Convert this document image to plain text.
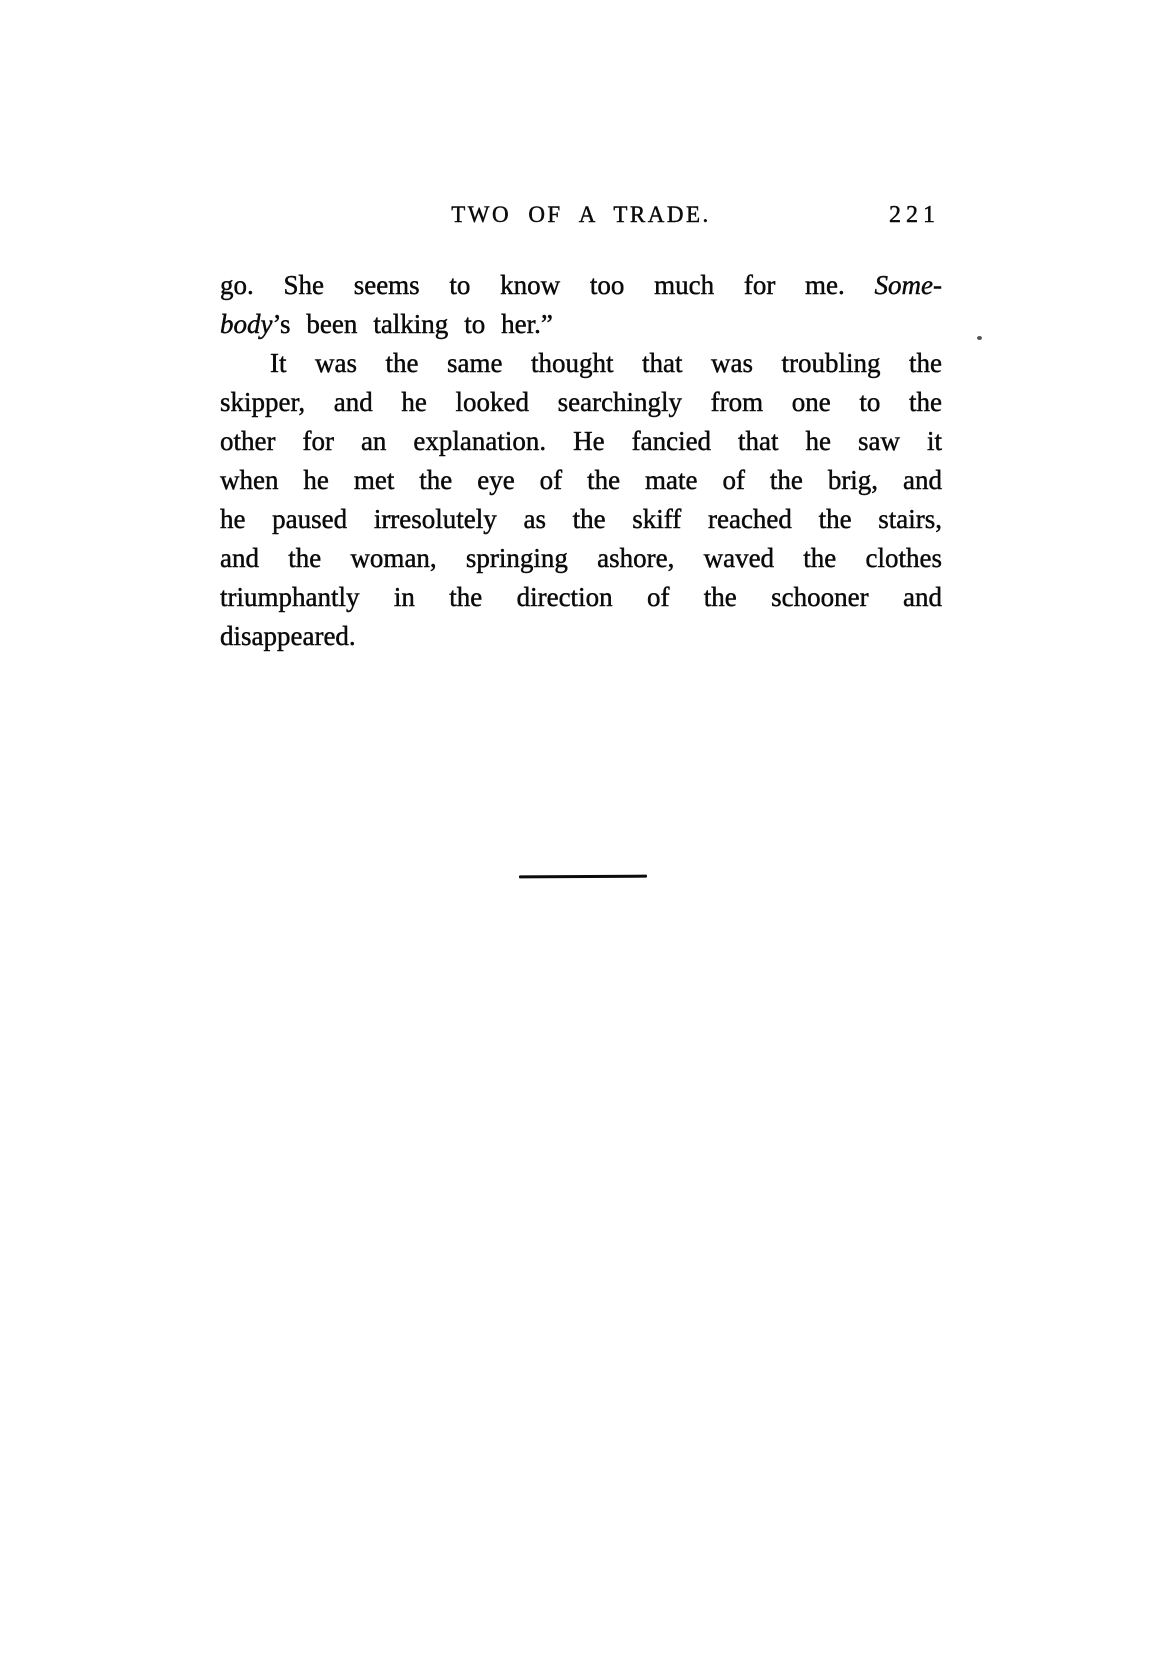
TWO OF A TRADE.	221
go. She seems to know too much for me. Some-
body’s been talking to her.”
It was the same thought that was troubling the
skipper, and he looked searchingly from one to the
other for an explanation. He fancied that he saw it
when he met the eye of the mate of the brig, and
he paused irresolutely as the skiff reached the stairs,
and the woman, springing ashore, waved the clothes
triumphantly in the direction of the schooner and
disappeared.
